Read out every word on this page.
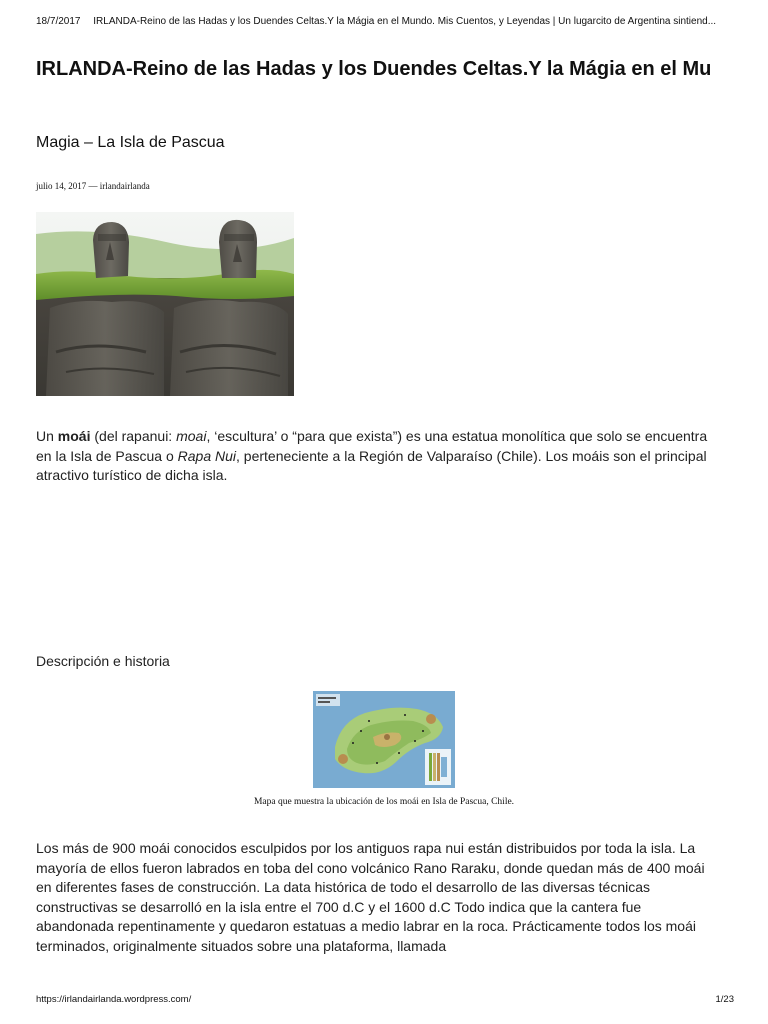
18/7/2017 IRLANDA-Reino de las Hadas y los Duendes Celtas.Y la Mágia en el Mundo. Mis Cuentos, y Leyendas | Un lugarcito de Argentina sintiend...
IRLANDA-Reino de las Hadas y los Duendes Celtas.Y la Mágia en el Mu
Magia – La Isla de Pascua
julio 14, 2017 — irlandairlanda
Un moái (del rapanui: moai, ‘escultura’ o “para que exista”) es una estatua monolítica que solo se encuentra en la Isla de Pascua o Rapa Nui, perteneciente a la Región de Valparaíso (Chile). Los moáis son el principal atractivo turístico de dicha isla.
Descripción e historia
Mapa que muestra la ubicación de los moái en Isla de Pascua, Chile.
Los más de 900 moái conocidos esculpidos por los antiguos rapa nui están distribuidos por toda la isla. La mayoría de ellos fueron labrados en toba del cono volcánico Rano Raraku, donde quedan más de 400 moái en diferentes fases de construcción. La data histórica de todo el desarrollo de las diversas técnicas constructivas se desarrolló en la isla entre el 700 d.C y el 1600 d.C Todo indica que la cantera fue abandonada repentinamente y quedaron estatuas a medio labrar en la roca. Prácticamente todos los moái terminados, originalmente situados sobre una plataforma, llamada
https://irlandairlanda.wordpress.com/	1/23
